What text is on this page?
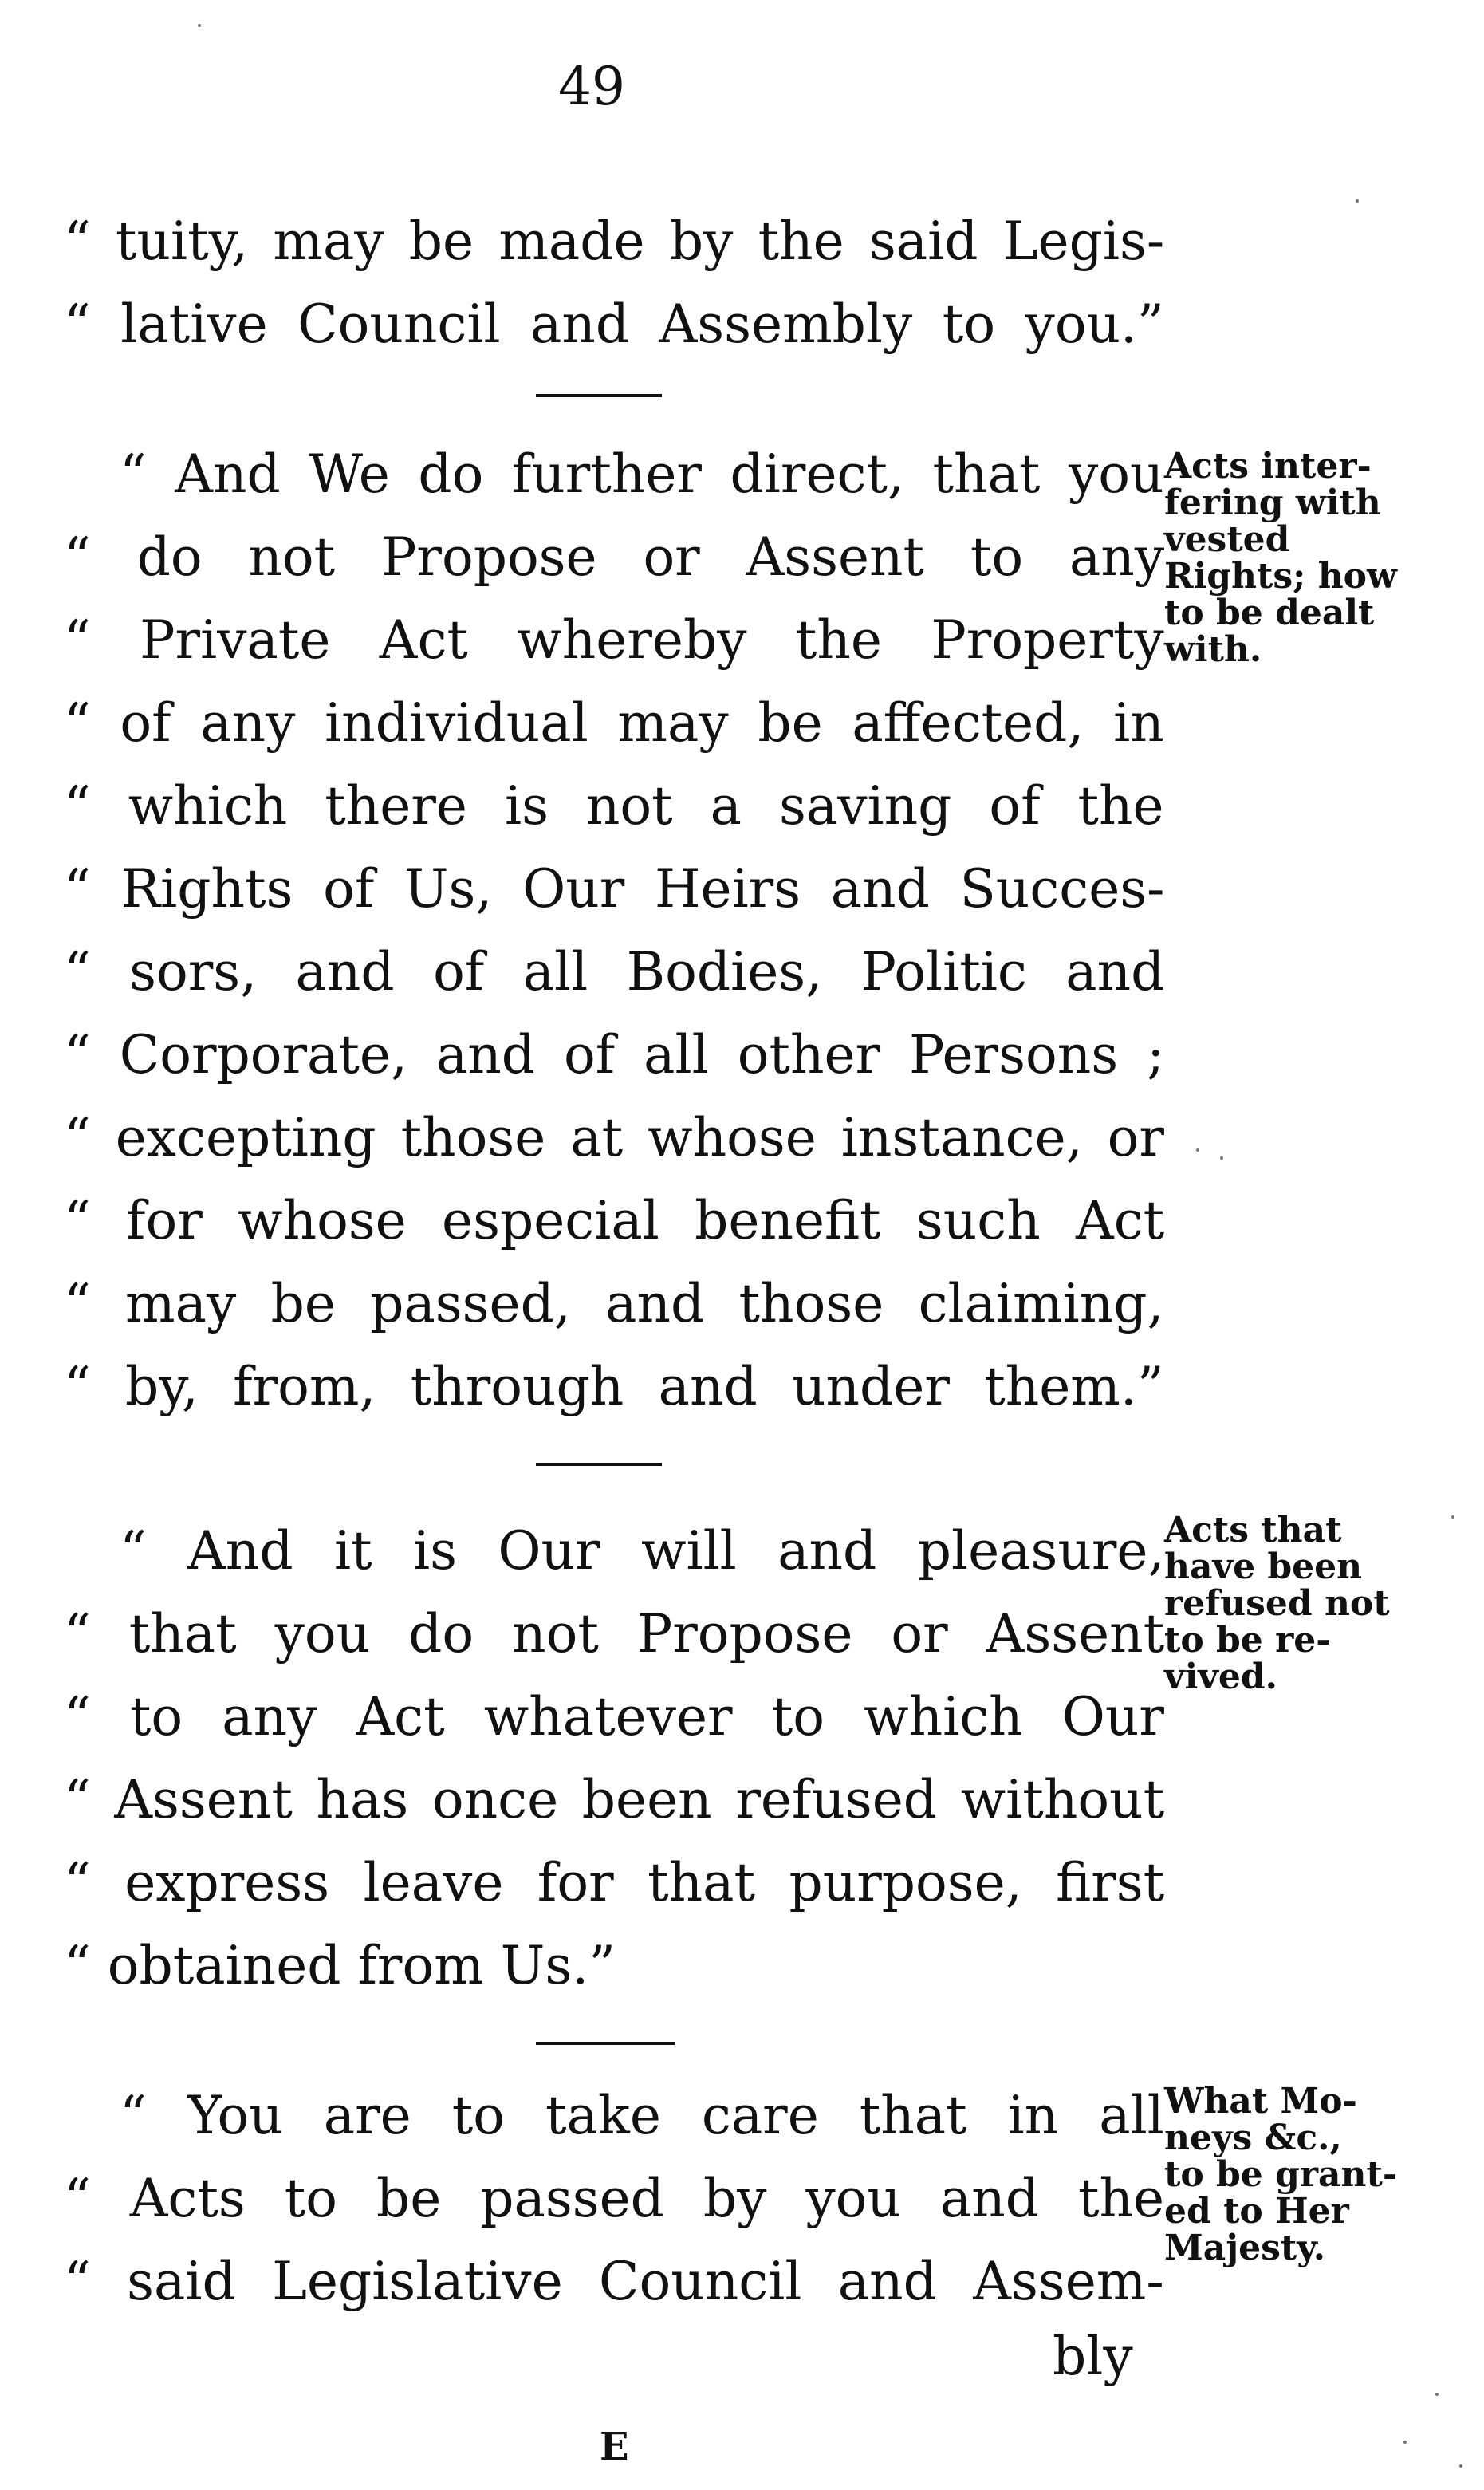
49
“ tuity, may be made by the said Legis-
“ lative Council and Assembly to you.”
“ And We do further direct, that you
“ do not Propose or Assent to any
“ Private Act whereby the Property
“ of any individual may be affected, in
“ which there is not a saving of the
“ Rights of Us, Our Heirs and Succes-
“ sors, and of all Bodies, Politic and
“ Corporate, and of all other Persons ;
“ excepting those at whose instance, or
“ for whose especial benefit such Act
“ may be passed, and those claiming,
“ by, from, through and under them.”
Acts inter-
fering with
vested
Rights; how
to be dealt
with.
“ And it is Our will and pleasure,
“ that you do not Propose or Assent
“ to any Act whatever to which Our
“ Assent has once been refused without
“ express leave for that purpose, first
“ obtained from Us.”
Acts that
have been
refused not
to be re-
vived.
“ You are to take care that in all
“ Acts to be passed by you and the
“ said Legislative Council and Assem-
bly
What Mo-
neys &c.,
to be grant-
ed to Her
Majesty.
E
